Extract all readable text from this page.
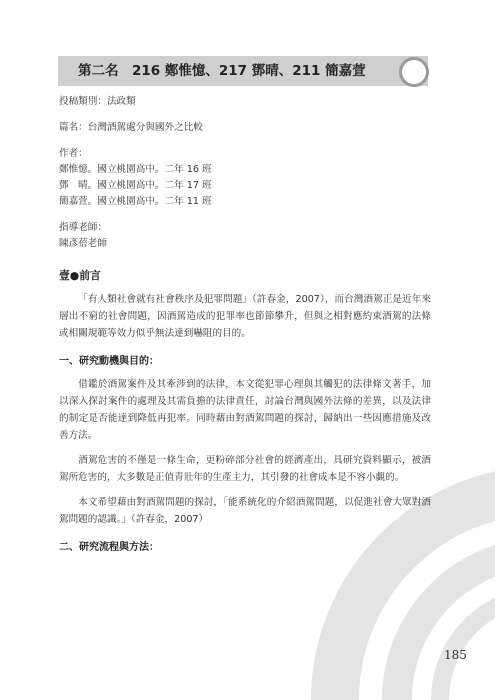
第二名　216 鄭惟憶、217 鄧晴、211 簡嘉萱

投稿類別：法政類

篇名：台灣酒駕處分與國外之比較

作者：

鄭惟憶。國立桃園高中。二年 16 班

鄧　晴。國立桃園高中。二年 17 班

簡嘉萱。國立桃園高中。二年 11 班

指導老師：

陳彥蓓老師

壹●前言

「有人類社會就有社會秩序及犯罪問題」（許春金，2007），而台灣酒駕正是近年來層出不窮的社會問題，因酒駕造成的犯罪率也節節攀升，但與之相對應約束酒駕的法條或相關規範等效力似乎無法達到嚇阻的目的。

一、研究動機與目的：

借鑑於酒駕案件及其牽涉到的法律，本文從犯罪心理與其觸犯的法律條文著手，加以深入探討案件的處理及其需負擔的法律責任，討論台灣與國外法條的差異，以及法律的制定是否能達到降低再犯率。同時藉由對酒駕問題的探討，歸納出一些因應措施及改善方法。

酒駕危害的不僅是一條生命，更粉碎部分社會的經濟產出，具研究資料顯示，被酒駕所危害的，大多數是正值青壯年的生產主力，其引發的社會成本是不容小覷的。

本文希望藉由對酒駕問題的探討，「能系統化的介紹酒駕問題，以促進社會大眾對酒駕問題的認識。」（許春金，2007）

二、研究流程與方法：

185
